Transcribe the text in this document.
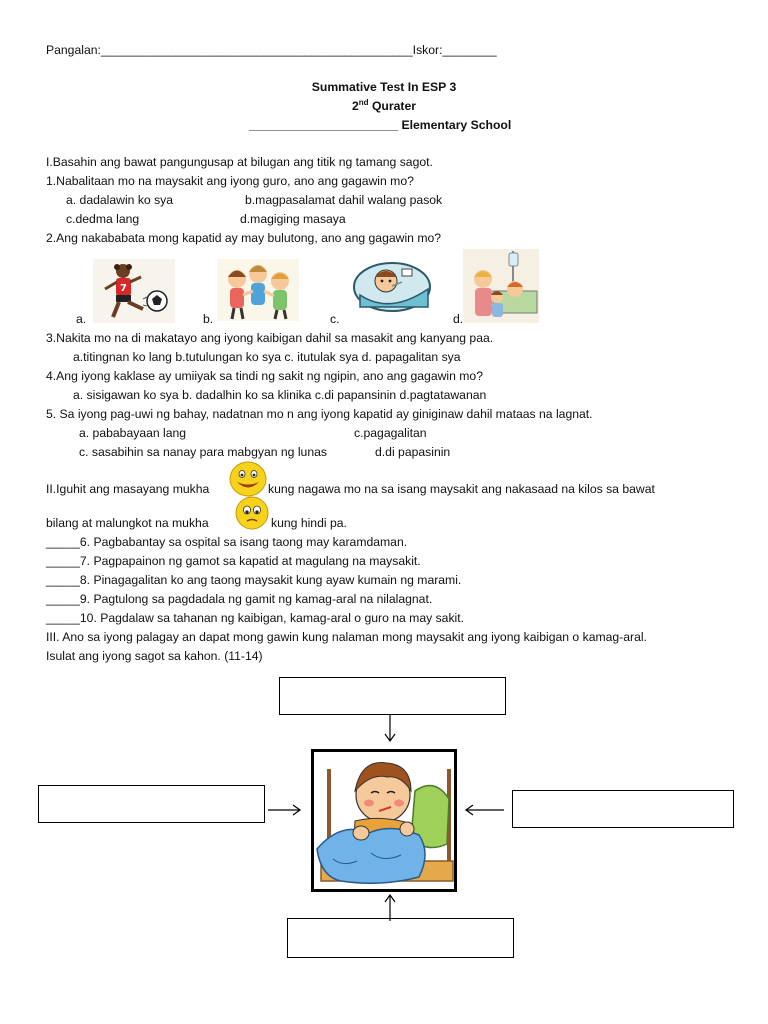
Pangalan:______________________________________________Iskor:________
Summative Test In ESP 3
2nd Qurater
______________________ Elementary School
I.Basahin ang bawat pangungusap at bilugan ang titik ng tamang sagot.
1.Nabalitaan mo na maysakit ang iyong guro, ano ang gagawin mo?
a. dadalawin ko sya	b.magpasalamat dahil walang pasok
c.dedma lang	d.magiging masaya
2.Ang nakababata mong kapatid ay may bulutong, ano ang gagawin mo?
a.	b.	c.	d.
7
3.Nakita mo na di makatayo ang iyong kaibigan dahil sa masakit ang kanyang paa.
a.titingnan ko lang b.tutulungan ko sya c. itutulak sya d. papagalitan sya
4.Ang iyong kaklase ay umiiyak sa tindi ng sakit ng ngipin, ano ang gagawin mo?
a. sisigawan ko sya b. dadalhin ko sa klinika c.di papansinin d.pagtatawanan
5. Sa iyong pag-uwi ng bahay, nadatnan mo n ang iyong kapatid ay giniginaw dahil mataas na lagnat.
a. pababayaan lang	c.pagagalitan
c. sasabihin sa nanay para mabgyan ng lunas	d.di papasinin
II.Iguhit ang masayang mukha	kung nagawa mo na sa isang maysakit ang nakasaad na kilos sa bawat
bilang at malungkot na mukha	kung hindi pa.
_____6. Pagbabantay sa ospital sa isang taong may karamdaman.
_____7. Pagpapainon ng gamot sa kapatid at magulang na maysakit.
_____8. Pinagagalitan ko ang taong maysakit kung ayaw kumain ng marami.
_____9. Pagtulong sa pagdadala ng gamit ng kamag-aral na nilalagnat.
_____10. Pagdalaw sa tahanan ng kaibigan, kamag-aral o guro na may sakit.
III. Ano sa iyong palagay an dapat mong gawin kung nalaman mong maysakit ang iyong kaibigan o kamag-aral.
Isulat ang iyong sagot sa kahon. (11-14)
